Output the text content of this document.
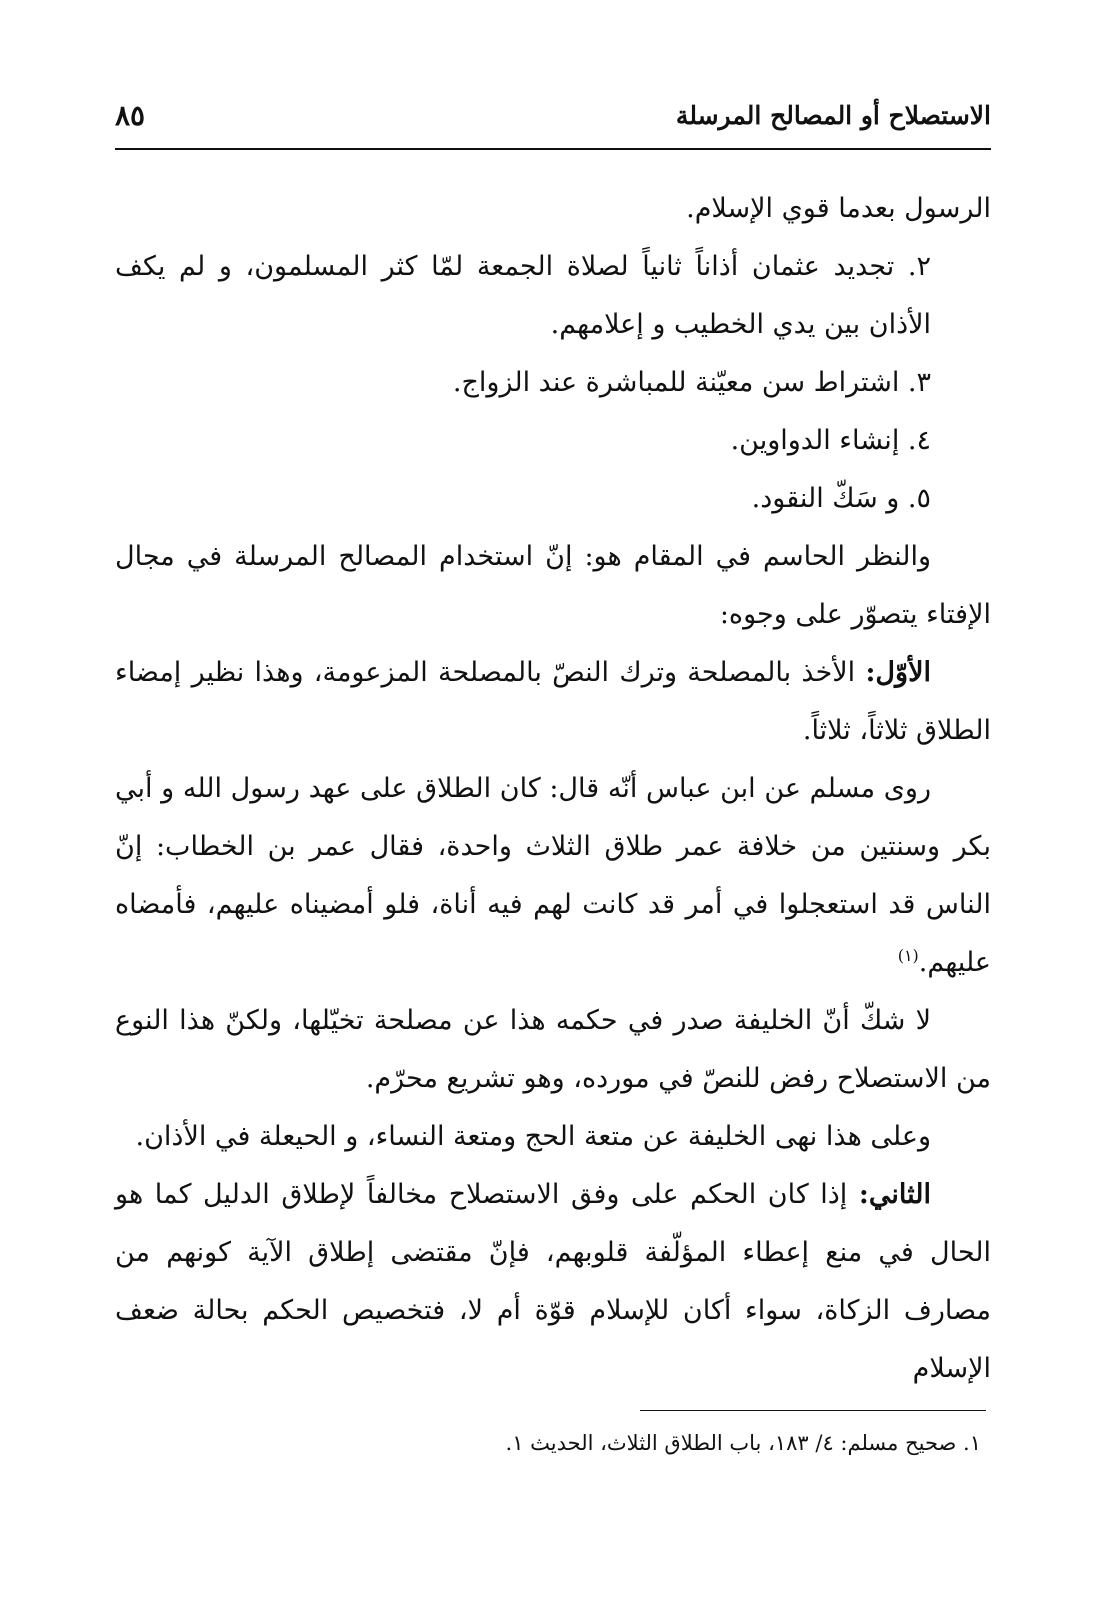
الاستصلاح أو المصالح المرسلة
٨٥

الرسول بعدما قوي الإسلام.

٢. تجديد عثمان أذاناً ثانياً لصلاة الجمعة لمّا كثر المسلمون، و لم يكف الأذان بين يدي الخطيب و إعلامهم.

٣. اشتراط سن معيّنة للمباشرة عند الزواج.

٤. إنشاء الدواوين.

٥. و سَكّ النقود.

والنظر الحاسم في المقام هو: إنّ استخدام المصالح المرسلة في مجال الإفتاء يتصوّر على وجوه:

الأوّل: الأخذ بالمصلحة وترك النصّ بالمصلحة المزعومة، وهذا نظير إمضاء الطلاق ثلاثاً، ثلاثاً.

روى مسلم عن ابن عباس أنّه قال: كان الطلاق على عهد رسول الله و أبي بكر وسنتين من خلافة عمر طلاق الثلاث واحدة، فقال عمر بن الخطاب: إنّ الناس قد استعجلوا في أمر قد كانت لهم فيه أناة، فلو أمضيناه عليهم، فأمضاه عليهم.$^{(١)}$

لا شكّ أنّ الخليفة صدر في حكمه هذا عن مصلحة تخيّلها، ولكنّ هذا النوع من الاستصلاح رفض للنصّ في مورده، وهو تشريع محرّم.

وعلى هذا نهى الخليفة عن متعة الحج ومتعة النساء، و الحيعلة في الأذان.

الثاني: إذا كان الحكم على وفق الاستصلاح مخالفاً لإطلاق الدليل كما هو الحال في منع إعطاء المؤلّفة قلوبهم، فإنّ مقتضى إطلاق الآية كونهم من مصارف الزكاة، سواء أكان للإسلام قوّة أم لا، فتخصيص الحكم بحالة ضعف الإسلام

١. صحيح مسلم: ٤/ ١٨٣، باب الطلاق الثلاث، الحديث ١.
